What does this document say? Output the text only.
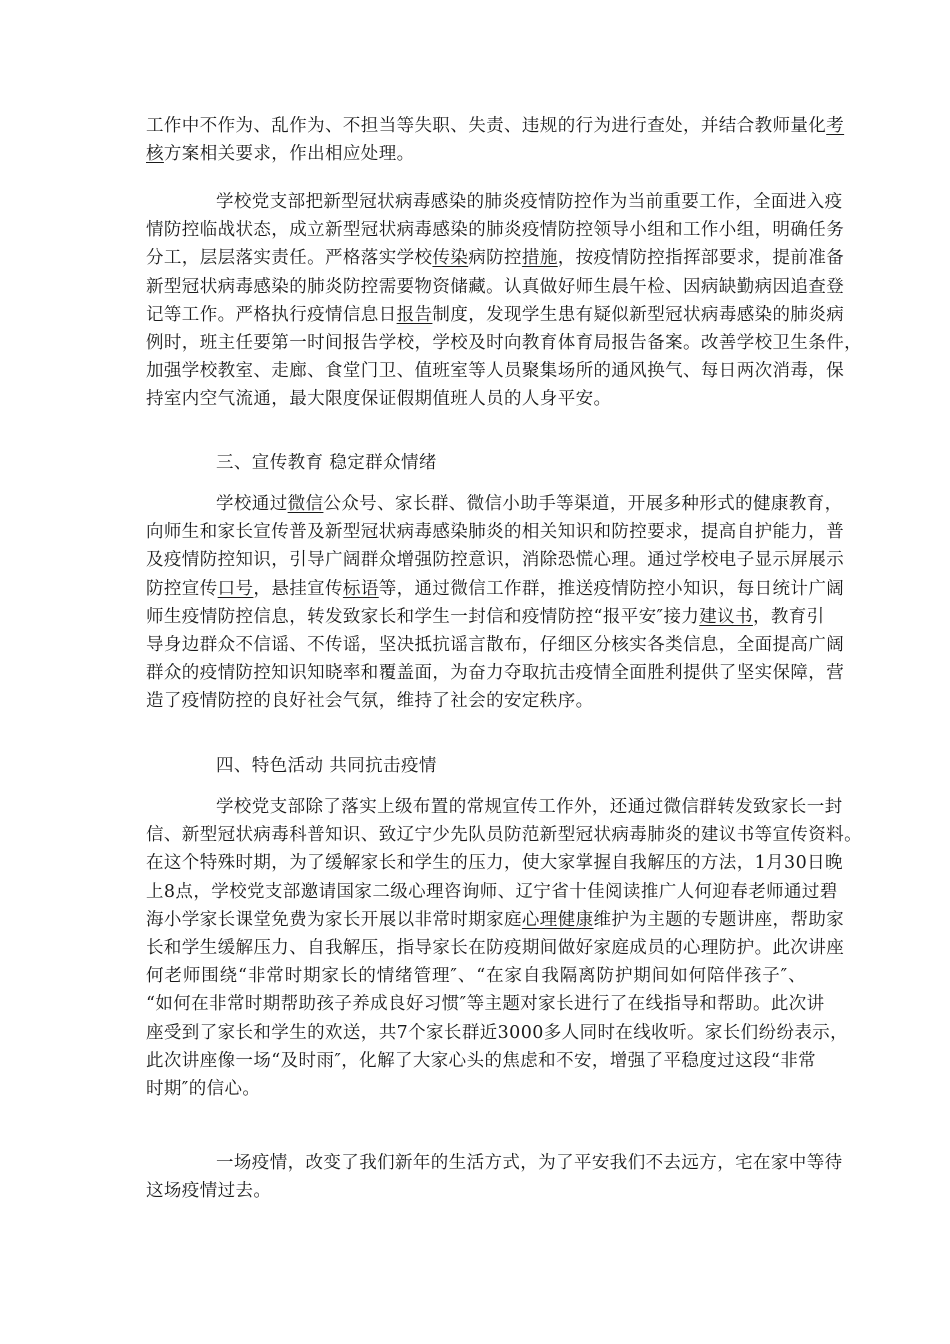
工作中不作为、乱作为、不担当等失职、失责、违规的行为进行查处，并结合教师量化考
核方案相关要求，作出相应处理。
学校党支部把新型冠状病毒感染的肺炎疫情防控作为当前重要工作，全面进入疫
情防控临战状态，成立新型冠状病毒感染的肺炎疫情防控领导小组和工作小组，明确任务
分工，层层落实责任。严格落实学校传染病防控措施，按疫情防控指挥部要求，提前准备
新型冠状病毒感染的肺炎防控需要物资储藏。认真做好师生晨午检、因病缺勤病因追查登
记等工作。严格执行疫情信息日报告制度，发现学生患有疑似新型冠状病毒感染的肺炎病
例时，班主任要第一时间报告学校，学校及时向教育体育局报告备案。改善学校卫生条件，
加强学校教室、走廊、食堂门卫、值班室等人员聚集场所的通风换气、每日两次消毒，保
持室内空气流通，最大限度保证假期值班人员的人身平安。
三、宣传教育 稳定群众情绪
学校通过微信公众号、家长群、微信小助手等渠道，开展多种形式的健康教育，
向师生和家长宣传普及新型冠状病毒感染肺炎的相关知识和防控要求，提高自护能力，普
及疫情防控知识，引导广阔群众增强防控意识，消除恐慌心理。通过学校电子显示屏展示
防控宣传口号，悬挂宣传标语等，通过微信工作群，推送疫情防控小知识，每日统计广阔
师生疫情防控信息，转发致家长和学生一封信和疫情防控“报平安″接力建议书，教育引
导身边群众不信谣、不传谣，坚决抵抗谣言散布，仔细区分核实各类信息，全面提高广阔
群众的疫情防控知识知晓率和覆盖面，为奋力夺取抗击疫情全面胜利提供了坚实保障，营
造了疫情防控的良好社会气氛，维持了社会的安定秩序。
四、特色活动 共同抗击疫情
学校党支部除了落实上级布置的常规宣传工作外，还通过微信群转发致家长一封
信、新型冠状病毒科普知识、致辽宁少先队员防范新型冠状病毒肺炎的建议书等宣传资料。
在这个特殊时期，为了缓解家长和学生的压力，使大家掌握自我解压的方法，1月30日晚
上8点，学校党支部邀请国家二级心理咨询师、辽宁省十佳阅读推广人何迎春老师通过碧
海小学家长课堂免费为家长开展以非常时期家庭心理健康维护为主题的专题讲座，帮助家
长和学生缓解压力、自我解压，指导家长在防疫期间做好家庭成员的心理防护。此次讲座
何老师围绕“非常时期家长的情绪管理″、“在家自我隔离防护期间如何陪伴孩子″、
“如何在非常时期帮助孩子养成良好习惯″等主题对家长进行了在线指导和帮助。此次讲
座受到了家长和学生的欢送，共7个家长群近3000多人同时在线收听。家长们纷纷表示，
此次讲座像一场“及时雨″，化解了大家心头的焦虑和不安，增强了平稳度过这段“非常
时期″的信心。
一场疫情，改变了我们新年的生活方式，为了平安我们不去远方，宅在家中等待
这场疫情过去。
